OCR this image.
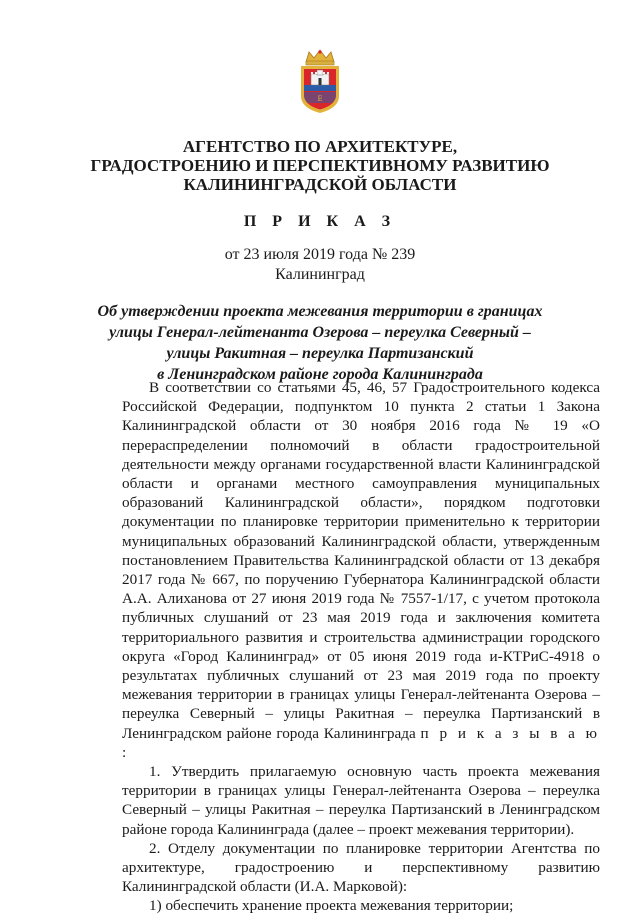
Е
АГЕНТСТВО ПО АРХИТЕКТУРЕ,
ГРАДОСТРОЕНИЮ И ПЕРСПЕКТИВНОМУ РАЗВИТИЮ
КАЛИНИНГРАДСКОЙ ОБЛАСТИ
П Р И К А З
от 23 июля 2019 года № 239
Калининград
Об утверждении проекта межевания территории в границах
улицы Генерал-лейтенанта Озерова – переулка Северный –
улицы Ракитная – переулка Партизанский
в Ленинградском районе города Калининграда

В соответствии со статьями 45, 46, 57 Градостроительного кодекса Российской Федерации, подпунктом 10 пункта 2 статьи 1 Закона Калининградской области от 30 ноября 2016 года № 19 «О перераспределении полномочий в области градостроительной деятельности между органами государственной власти Калининградской области и органами местного самоуправления муниципальных образований Калининградской области», порядком подготовки документации по планировке территории применительно к территории муниципальных образований Калининградской области, утвержденным постановлением Правительства Калининградской области от 13 декабря 2017 года № 667, по поручению Губернатора Калининградской области А.А. Алиханова от 27 июня 2019 года № 7557-1/17, с учетом протокола публичных слушаний от 23 мая 2019 года и заключения комитета территориального развития и строительства администрации городского округа «Город Калининград» от 05 июня 2019 года и-КТРиС-4918 о результатах публичных слушаний от 23 мая 2019 года по проекту межевания территории в границах улицы Генерал-лейтенанта Озерова – переулка Северный – улицы Ракитная – переулка Партизанский в Ленинградском районе города Калининграда п р и к а з ы в а ю :

1. Утвердить прилагаемую основную часть проекта межевания территории в границах улицы Генерал-лейтенанта Озерова – переулка Северный – улицы Ракитная – переулка Партизанский в Ленинградском районе города Калининграда (далее – проект межевания территории).

2. Отделу документации по планировке территории Агентства по архитектуре, градостроению и перспективному развитию Калининградской области (И.А. Марковой):

1) обеспечить хранение проекта межевания территории;
